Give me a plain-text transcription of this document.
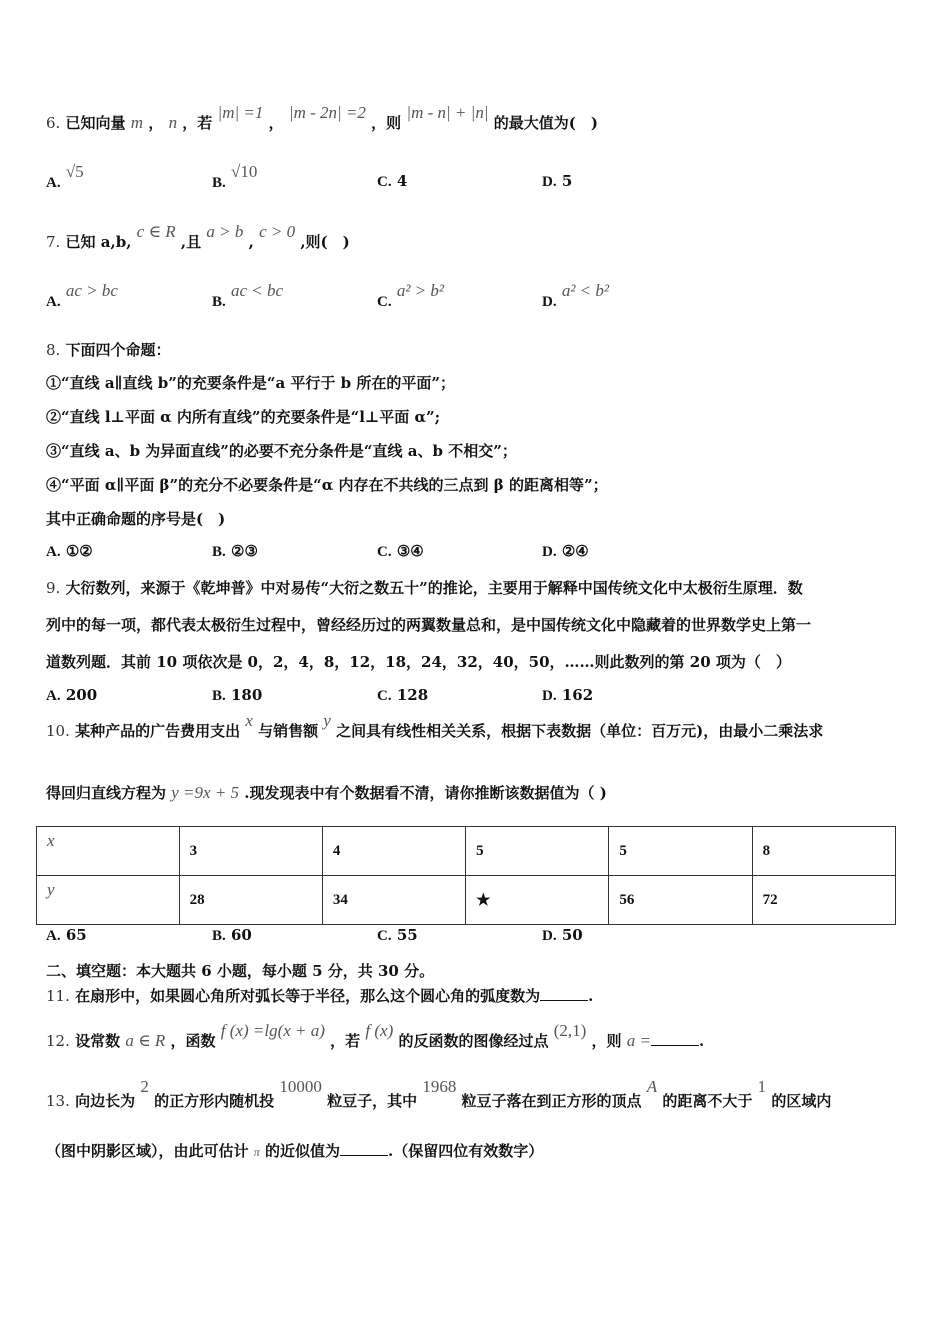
6. 已知向量 m ， n ，若 |m| =1 ， |m - 2n| =2 ，则 |m - n| + |n| 的最大值为(　)
A. √5
B. √10
C. 4	D. 5
7. 已知 a,b, c ∈ R ,且 a > b , c > 0 ,则(　)
A. ac > bc
B. ac < bc
C. a² > b²
D. a² < b²
8. 下面四个命题：
①“直线 a∥直线 b”的充要条件是“a 平行于 b 所在的平面”；
②“直线 l⊥平面 α 内所有直线”的充要条件是“l⊥平面 α”;
③“直线 a、b 为异面直线”的必要不充分条件是“直线 a、b 不相交”；
④“平面 α∥平面 β”的充分不必要条件是“α 内存在不共线的三点到 β 的距离相等”；
其中正确命题的序号是(　)
A. ①②	B. ②③	C. ③④	D. ②④
9. 大衍数列，来源于《乾坤普》中对易传“大衍之数五十”的推论，主要用于解释中国传统文化中太极衍生原理．数
列中的每一项，都代表太极衍生过程中，曾经经历过的两翼数量总和，是中国传统文化中隐藏着的世界数学史上第一
道数列题．其前 10 项依次是 0，2，4，8，12，18，24，32，40，50，……则此数列的第 20 项为（　）
A. 200	B. 180	C. 128	D. 162
10. 某种产品的广告费用支出 x 与销售额 y 之间具有线性相关关系，根据下表数据（单位：百万元)，由最小二乘法求
得回归直线方程为 y =9x + 5 .现发现表中有个数据看不清，请你推断该数据值为（ )
x	3	4	5	5	8
y	28	34	★	56	72
A. 65	B. 60	C. 55	D. 50
二、填空题：本大题共 6 小题，每小题 5 分，共 30 分。
11. 在扇形中，如果圆心角所对弧长等于半径，那么这个圆心角的弧度数为	.
12. 设常数 a ∈ R ，函数 f (x) =lg(x + a) ，若 f (x) 的反函数的图像经过点 (2,1) ，则 a =	.
13. 向边长为 2 的正方形内随机投 10000 粒豆子，其中 1968 粒豆子落在到正方形的顶点 A 的距离不大于 1 的区域内
（图中阴影区域），由此可估计 π 的近似值为	.（保留四位有效数字）
